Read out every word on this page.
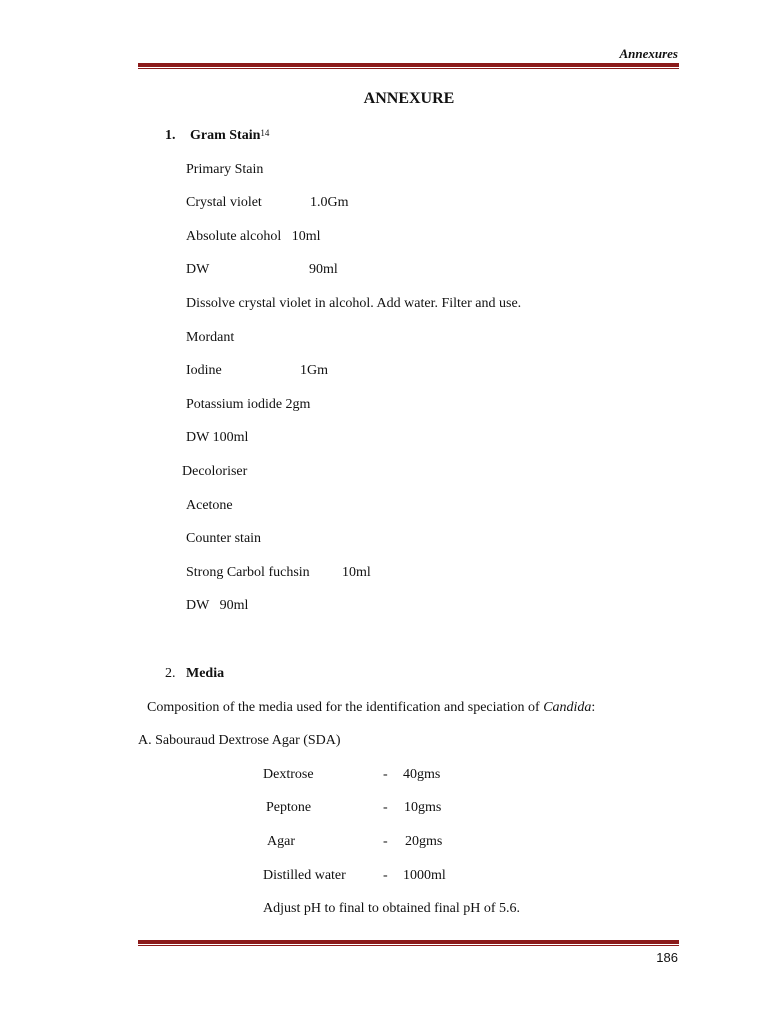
Annexures
ANNEXURE
1. Gram Stain$^{14}$
Primary Stain
Crystal violet	1.0Gm
Absolute alcohol   10ml
DW	90ml
Dissolve crystal violet in alcohol. Add water. Filter and use.
Mordant
Iodine	1Gm
Potassium iodide 2gm
DW 100ml
Decoloriser
Acetone
Counter stain
Strong Carbol fuchsin 10ml
DW   90ml
2. Media
Composition of the media used for the identification and speciation of Candida:
A. Sabouraud Dextrose Agar (SDA)
Dextrose	- 40gms
Peptone	- 10gms
Agar	- 20gms
Distilled water	- 1000ml
Adjust pH to final to obtained final pH of 5.6.
186
